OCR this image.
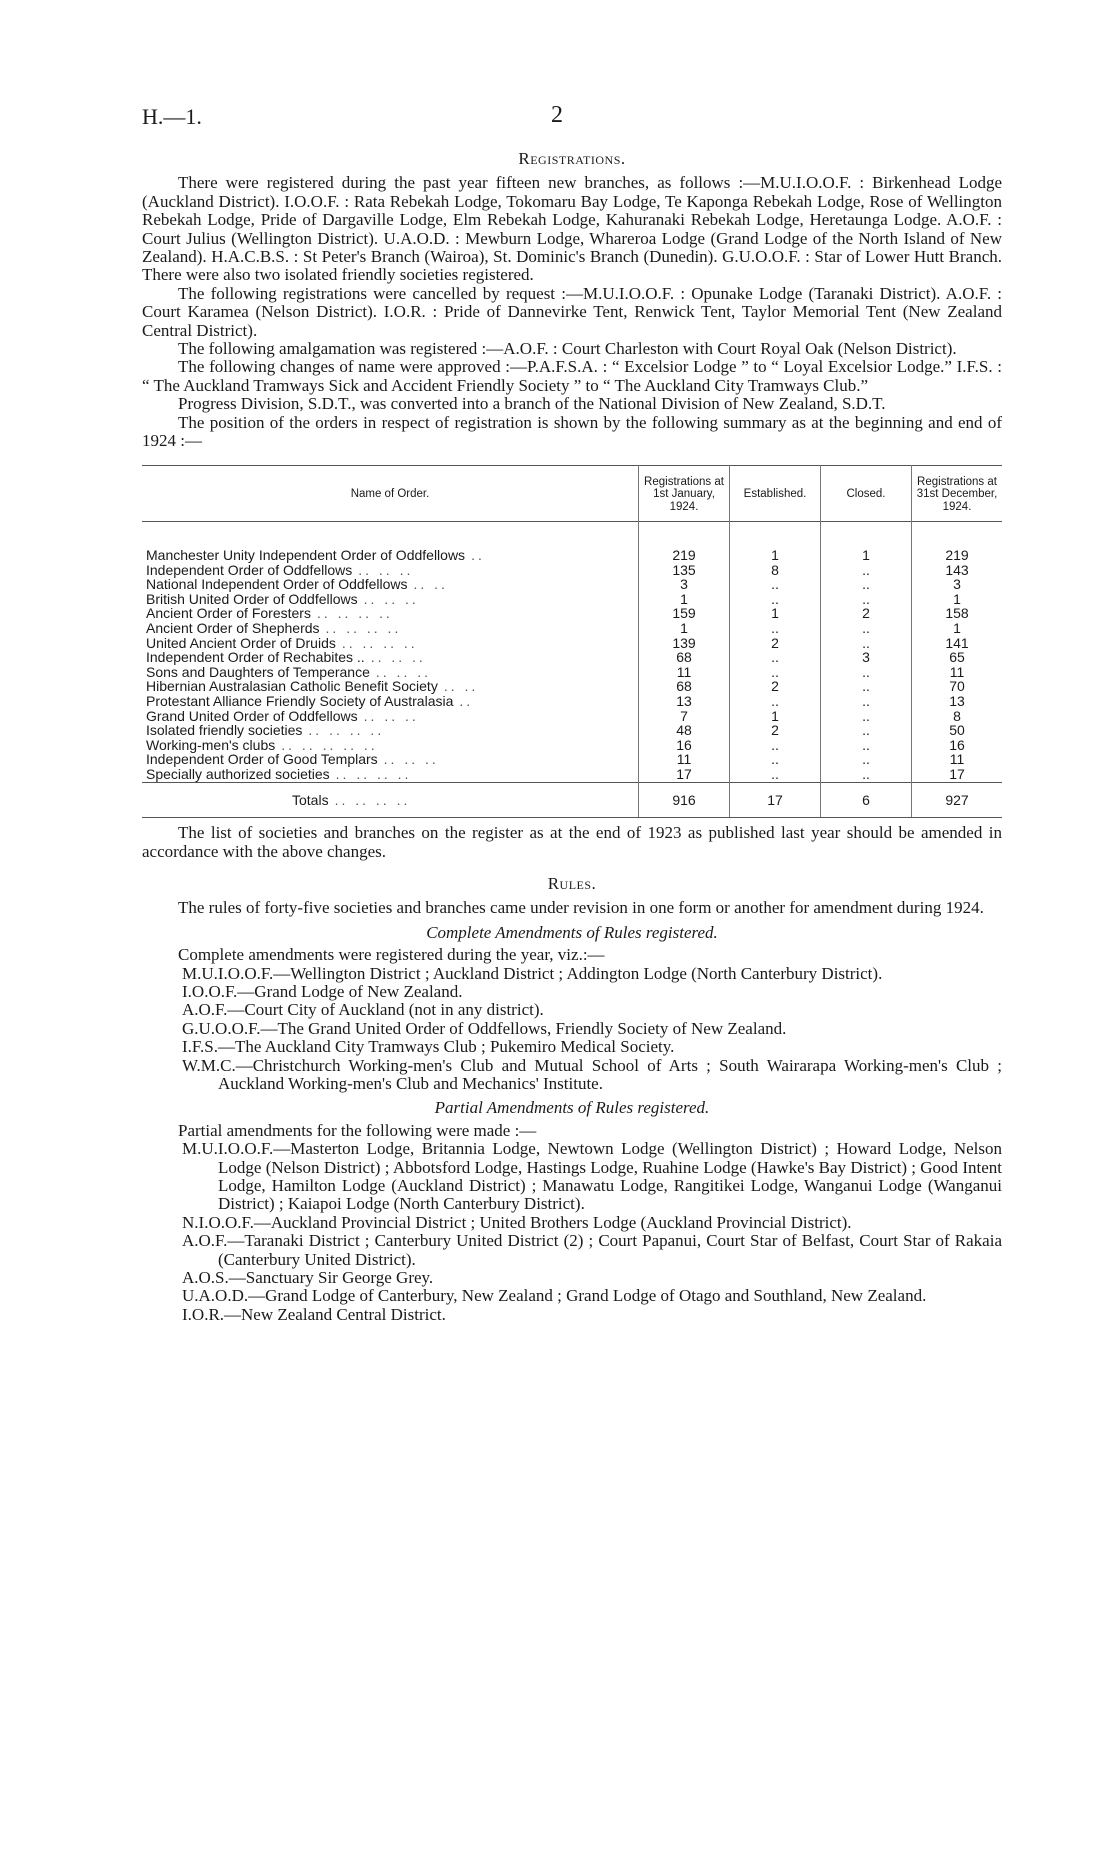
H.—1.	2
Registrations.

There were registered during the past year fifteen new branches, as follows :—M.U.I.O.O.F. : Birkenhead Lodge (Auckland District). I.O.O.F. : Rata Rebekah Lodge, Tokomaru Bay Lodge, Te Kaponga Rebekah Lodge, Rose of Wellington Rebekah Lodge, Pride of Dargaville Lodge, Elm Rebekah Lodge, Kahuranaki Rebekah Lodge, Heretaunga Lodge. A.O.F. : Court Julius (Wellington District). U.A.O.D. : Mewburn Lodge, Whareroa Lodge (Grand Lodge of the North Island of New Zealand). H.A.C.B.S. : St Peter's Branch (Wairoa), St. Dominic's Branch (Dunedin). G.U.O.O.F. : Star of Lower Hutt Branch. There were also two isolated friendly societies registered.

The following registrations were cancelled by request :—M.U.I.O.O.F. : Opunake Lodge (Taranaki District). A.O.F. : Court Karamea (Nelson District). I.O.R. : Pride of Dannevirke Tent, Renwick Tent, Taylor Memorial Tent (New Zealand Central District).

The following amalgamation was registered :—A.O.F. : Court Charleston with Court Royal Oak (Nelson District).

The following changes of name were approved :—P.A.F.S.A. : “ Excelsior Lodge ” to “ Loyal Excelsior Lodge.” I.F.S. : “ The Auckland Tramways Sick and Accident Friendly Society ” to “ The Auckland City Tramways Club.”

Progress Division, S.D.T., was converted into a branch of the National Division of New Zealand, S.D.T.

The position of the orders in respect of registration is shown by the following summary as at the beginning and end of 1924 :—

Name of Order.	Registrations at 1st January, 1924.	Established.	Closed.	Registrations at 31st December, 1924.
Manchester Unity Independent Order of Oddfellows ..	219	1	1	219
Independent Order of Oddfellows .. .. ..	135	8	..	143
National Independent Order of Oddfellows .. ..	3	..	..	3
British United Order of Oddfellows .. .. ..	1	..	..	1
Ancient Order of Foresters .. .. .. ..	159	1	2	158
Ancient Order of Shepherds .. .. .. ..	1	..	..	1
United Ancient Order of Druids .. .. .. ..	139	2	..	141
Independent Order of Rechabites .. .. .. ..	68	..	3	65
Sons and Daughters of Temperance .. .. ..	11	..	..	11
Hibernian Australasian Catholic Benefit Society .. ..	68	2	..	70
Protestant Alliance Friendly Society of Australasia ..	13	..	..	13
Grand United Order of Oddfellows .. .. ..	7	1	..	8
Isolated friendly societies .. .. .. ..	48	2	..	50
Working-men's clubs .. .. .. .. ..	16	..	..	16
Independent Order of Good Templars .. .. ..	11	..	..	11
Specially authorized societies .. .. .. ..	17	..	..	17
Totals .. .. .. ..	916	17	6	927

The list of societies and branches on the register as at the end of 1923 as published last year should be amended in accordance with the above changes.

Rules.

The rules of forty-five societies and branches came under revision in one form or another for amendment during 1924.

Complete Amendments of Rules registered.

Complete amendments were registered during the year, viz.:—

M.U.I.O.O.F.—Wellington District ; Auckland District ; Addington Lodge (North Canterbury District).

I.O.O.F.—Grand Lodge of New Zealand.

A.O.F.—Court City of Auckland (not in any district).

G.U.O.O.F.—The Grand United Order of Oddfellows, Friendly Society of New Zealand.

I.F.S.—The Auckland City Tramways Club ; Pukemiro Medical Society.

W.M.C.—Christchurch Working-men's Club and Mutual School of Arts ; South Wairarapa Working-men's Club ; Auckland Working-men's Club and Mechanics' Institute.

Partial Amendments of Rules registered.

Partial amendments for the following were made :—

M.U.I.O.O.F.—Masterton Lodge, Britannia Lodge, Newtown Lodge (Wellington District) ; Howard Lodge, Nelson Lodge (Nelson District) ; Abbotsford Lodge, Hastings Lodge, Ruahine Lodge (Hawke's Bay District) ; Good Intent Lodge, Hamilton Lodge (Auckland District) ; Manawatu Lodge, Rangitikei Lodge, Wanganui Lodge (Wanganui District) ; Kaiapoi Lodge (North Canterbury District).

N.I.O.O.F.—Auckland Provincial District ; United Brothers Lodge (Auckland Provincial District).

A.O.F.—Taranaki District ; Canterbury United District (2) ; Court Papanui, Court Star of Belfast, Court Star of Rakaia (Canterbury United District).

A.O.S.—Sanctuary Sir George Grey.

U.A.O.D.—Grand Lodge of Canterbury, New Zealand ; Grand Lodge of Otago and Southland, New Zealand.

I.O.R.—New Zealand Central District.
